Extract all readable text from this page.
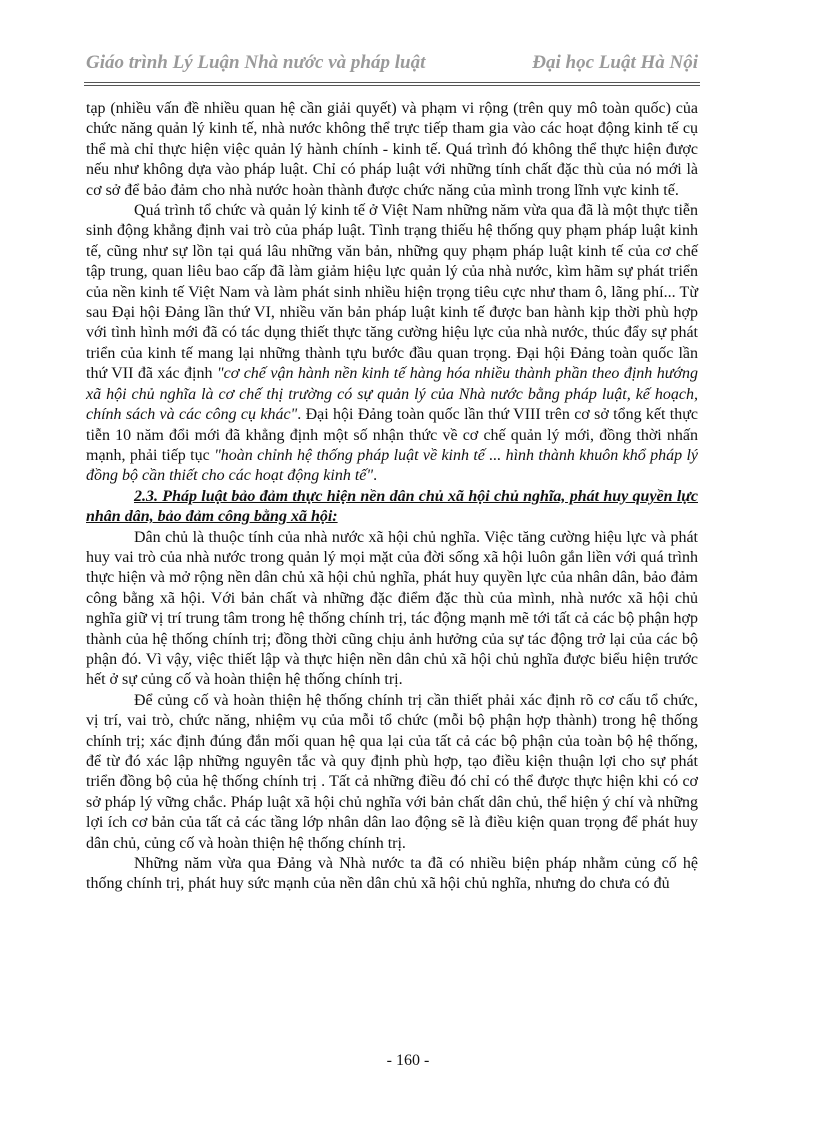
Giáo trình Lý Luận Nhà nước và pháp luật	Đại học Luật Hà Nội

tạp (nhiều vấn đề nhiều quan hệ cần giải quyết) và phạm vi rộng (trên quy mô toàn quốc) của chức năng quản lý kinh tế, nhà nước không thể trực tiếp tham gia vào các hoạt động kinh tế cụ thể mà chỉ thực hiện việc quản lý hành chính - kinh tế. Quá trình đó không thể thực hiện được nếu như không dựa vào pháp luật. Chỉ có pháp luật với những tính chất đặc thù của nó mới là cơ sở để bảo đảm cho nhà nước hoàn thành được chức năng của mình trong lĩnh vực kinh tế.

Quá trình tổ chức và quản lý kinh tế ở Việt Nam những năm vừa qua đã là một thực tiễn sinh động khẳng định vai trò của pháp luật. Tình trạng thiếu hệ thống quy phạm pháp luật kinh tế, cũng như sự lồn tại quá lâu những văn bản, những quy phạm pháp luật kinh tế của cơ chế tập trung, quan liêu bao cấp đã làm giảm hiệu lực quản lý của nhà nước, kìm hãm sự phát triển của nền kinh tế Việt Nam và làm phát sinh nhiều hiện trọng tiêu cực như tham ô, lãng phí... Từ sau Đại hội Đảng lần thứ VI, nhiều văn bản pháp luật kinh tế được ban hành kịp thời phù hợp với tình hình mới đã có tác dụng thiết thực tăng cường hiệu lực của nhà nước, thúc đẩy sự phát triển của kinh tế mang lại những thành tựu bước đầu quan trọng. Đại hội Đảng toàn quốc lần thứ VII đã xác định "cơ chế vận hành nền kinh tế hàng hóa nhiều thành phần theo định hướng xã hội chủ nghĩa là cơ chế thị trường có sự quản lý của Nhà nước bằng pháp luật, kế hoạch, chính sách và các công cụ khác". Đại hội Đảng toàn quốc lần thứ VIII trên cơ sở tổng kết thực tiễn 10 năm đổi mới đã khẳng định một số nhận thức về cơ chế quản lý mới, đồng thời nhấn mạnh, phải tiếp tục "hoàn chỉnh hệ thống pháp luật về kinh tế ... hình thành khuôn khổ pháp lý đồng bộ cần thiết cho các hoạt động kinh tế".

2.3. Pháp luật bảo đảm thực hiện nền dân chủ xã hội chủ nghĩa, phát huy quyền lực nhân dân, bảo đảm công bằng xã hội:

Dân chủ là thuộc tính của nhà nước xã hội chủ nghĩa. Việc tăng cường hiệu lực và phát huy vai trò của nhà nước trong quản lý mọi mặt của đời sống xã hội luôn gắn liền với quá trình thực hiện và mở rộng nền dân chủ xã hội chủ nghĩa, phát huy quyền lực của nhân dân, bảo đảm công bằng xã hội. Với bản chất và những đặc điểm đặc thù của mình, nhà nước xã hội chủ nghĩa giữ vị trí trung tâm trong hệ thống chính trị, tác động mạnh mẽ tới tất cả các bộ phận hợp thành của hệ thống chính trị; đồng thời cũng chịu ảnh hưởng của sự tác động trở lại của các bộ phận đó. Vì vậy, việc thiết lập và thực hiện nền dân chủ xã hội chủ nghĩa được biểu hiện trước hết ở sự củng cố và hoàn thiện hệ thống chính trị.

Để củng cố và hoàn thiện hệ thống chính trị cần thiết phải xác định rõ cơ cấu tổ chức, vị trí, vai trò, chức năng, nhiệm vụ của mỗi tổ chức (mỗi bộ phận hợp thành) trong hệ thống chính trị; xác định đúng đắn mối quan hệ qua lại của tất cả các bộ phận của toàn bộ hệ thống, để từ đó xác lập những nguyên tắc và quy định phù hợp, tạo điều kiện thuận lợi cho sự phát triển đồng bộ của hệ thống chính trị . Tất cả những điều đó chỉ có thể được thực hiện khi có cơ sở pháp lý vững chắc. Pháp luật xã hội chủ nghĩa với bản chất dân chủ, thể hiện ý chí và những lợi ích cơ bản của tất cả các tầng lớp nhân dân lao động sẽ là điều kiện quan trọng để phát huy dân chủ, củng cố và hoàn thiện hệ thống chính trị.

Những năm vừa qua Đảng và Nhà nước ta đã có nhiều biện pháp nhằm củng cố hệ thống chính trị, phát huy sức mạnh của nền dân chủ xã hội chủ nghĩa, nhưng do chưa có đủ

- 160 -
